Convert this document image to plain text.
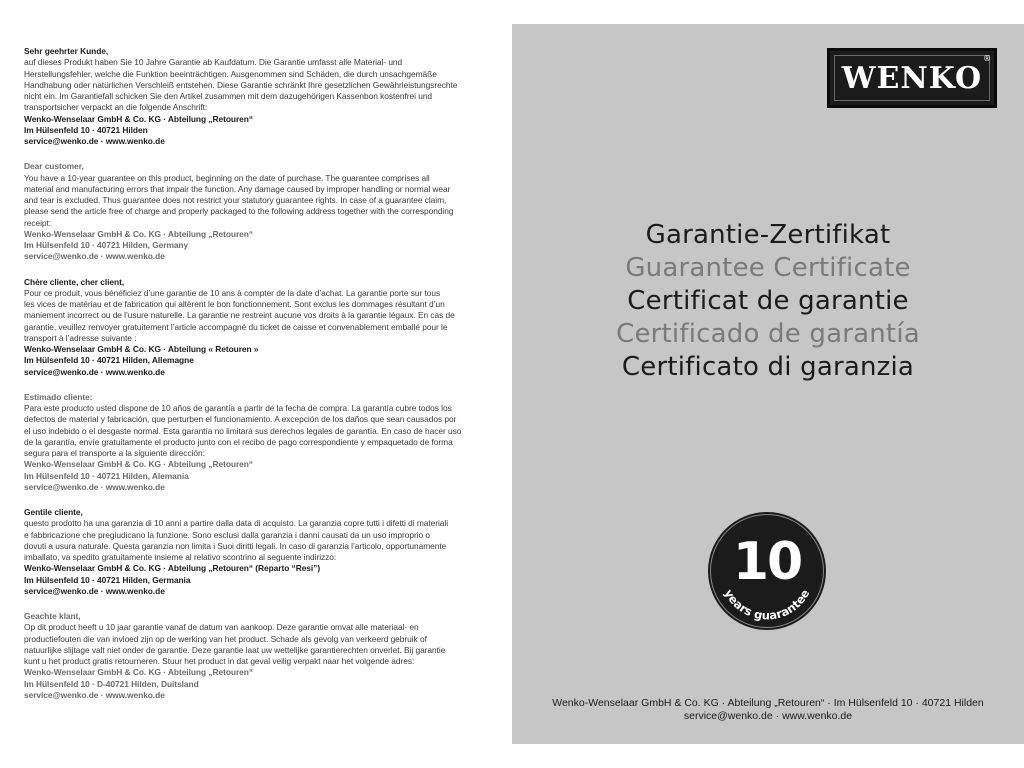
Sehr geehrter Kunde,
auf dieses Produkt haben Sie 10 Jahre Garantie ab Kaufdatum. Die Garantie umfasst alle Material- und
Herstellungsfehler, welche die Funktion beeinträchtigen. Ausgenommen sind Schäden, die durch unsachgemäße
Handhabung oder natürlichen Verschleiß entstehen. Diese Garantie schränkt Ihre gesetzlichen Gewährleistungsrechte
nicht ein. Im Garantiefall schicken Sie den Artikel zusammen mit dem dazugehörigen Kassenbon kostenfrei und
transportsicher verpackt an die folgende Anschrift:
Wenko-Wenselaar GmbH & Co. KG · Abteilung „Retouren“
Im Hülsenfeld 10 · 40721 Hilden
service@wenko.de · www.wenko.de
Dear customer,
You have a 10-year guarantee on this product, beginning on the date of purchase. The guarantee comprises all
material and manufacturing errors that impair the function. Any damage caused by improper handling or normal wear
and tear is excluded. Thus guarantee does not restrict your statutory guarantee rights. In case of a guarantee claim,
please send the article free of charge and properly packaged to the following address together with the corresponding
receipt:
Wenko-Wenselaar GmbH & Co. KG · Abteilung „Retouren“
Im Hülsenfeld 10 · 40721 Hilden, Germany
service@wenko.de · www.wenko.de
Chère cliente, cher client,
Pour ce produit, vous bénéficiez d’une garantie de 10 ans à compter de la date d’achat. La garantie porte sur tous
les vices de matériau et de fabrication qui altèrent le bon fonctionnement. Sont exclus les dommages résultant d’un
maniement incorrect ou de l’usure naturelle. La garantie ne restreint aucune vos droits à la garantie légaux. En cas de
garantie, veuillez renvoyer gratuitement l’article accompagné du ticket de caisse et convenablement emballé pour le
transport à l’adresse suivante :
Wenko-Wenselaar GmbH & Co. KG · Abteilung « Retouren »
Im Hülsenfeld 10 · 40721 Hilden, Allemagne
service@wenko.de · www.wenko.de
Estimado cliente:
Para este producto usted dispone de 10 años de garantía a partir de la fecha de compra. La garantía cubre todos los
defectos de material y fabricación, que perturben el funcionamiento. A excepción de los daños que sean causados por
el uso indebido o el desgaste normal. Esta garantía no limitará sus derechos legales de garantía. En caso de hacer uso
de la garantía, envíe gratuitamente el producto junto con el recibo de pago correspondiente y empaquetado de forma
segura para el transporte a la siguiente dirección:
Wenko-Wenselaar GmbH & Co. KG · Abteilung „Retouren“
Im Hülsenfeld 10 · 40721 Hilden, Alemania
service@wenko.de · www.wenko.de
Gentile cliente,
questo prodotto ha una garanzia di 10 anni a partire dalla data di acquisto. La garanzia copre tutti i difetti di materiali
e fabbricazione che pregiudicano la funzione. Sono esclusi dalla garanzia i danni causati da un uso improprio o
dovuti a usura naturale. Questa garanzia non limita i Suoi diritti legali. In caso di garanzia l’articolo, opportunamente
imballato, va spedito gratuitamente insieme al relativo scontrino al seguente indirizzo:
Wenko-Wenselaar GmbH & Co. KG · Abteilung „Retouren“ (Reparto “Resi”)
Im Hülsenfeld 10 · 40721 Hilden, Germania
service@wenko.de · www.wenko.de
Geachte klant,
Op dit product heeft u 10 jaar garantie vanaf de datum van aankoop. Deze garantie omvat alle materiaal- en
productiefouten die van invloed zijn op de werking van het product. Schade als gevolg van verkeerd gebruik of
natuurlijke slijtage valt niet onder de garantie. Deze garantie laat uw wettelijke garantierechten onverlet. Bij garantie
kunt u het product gratis retourneren. Stuur het product in dat geval veilig verpakt naar het volgende adres:
Wenko-Wenselaar GmbH & Co. KG · Abteilung „Retouren“
Im Hülsenfeld 10 · D-40721 Hilden, Duitsland
service@wenko.de · www.wenko.de
WENKO
®
Garantie-Zertifikat
Guarantee Certificate
Certificat de garantie
Certificado de garantía
Certificato di garanzia
10
years guarantee
Wenko-Wenselaar GmbH & Co. KG · Abteilung „Retouren“ · Im Hülsenfeld 10 · 40721 Hilden
service@wenko.de · www.wenko.de
